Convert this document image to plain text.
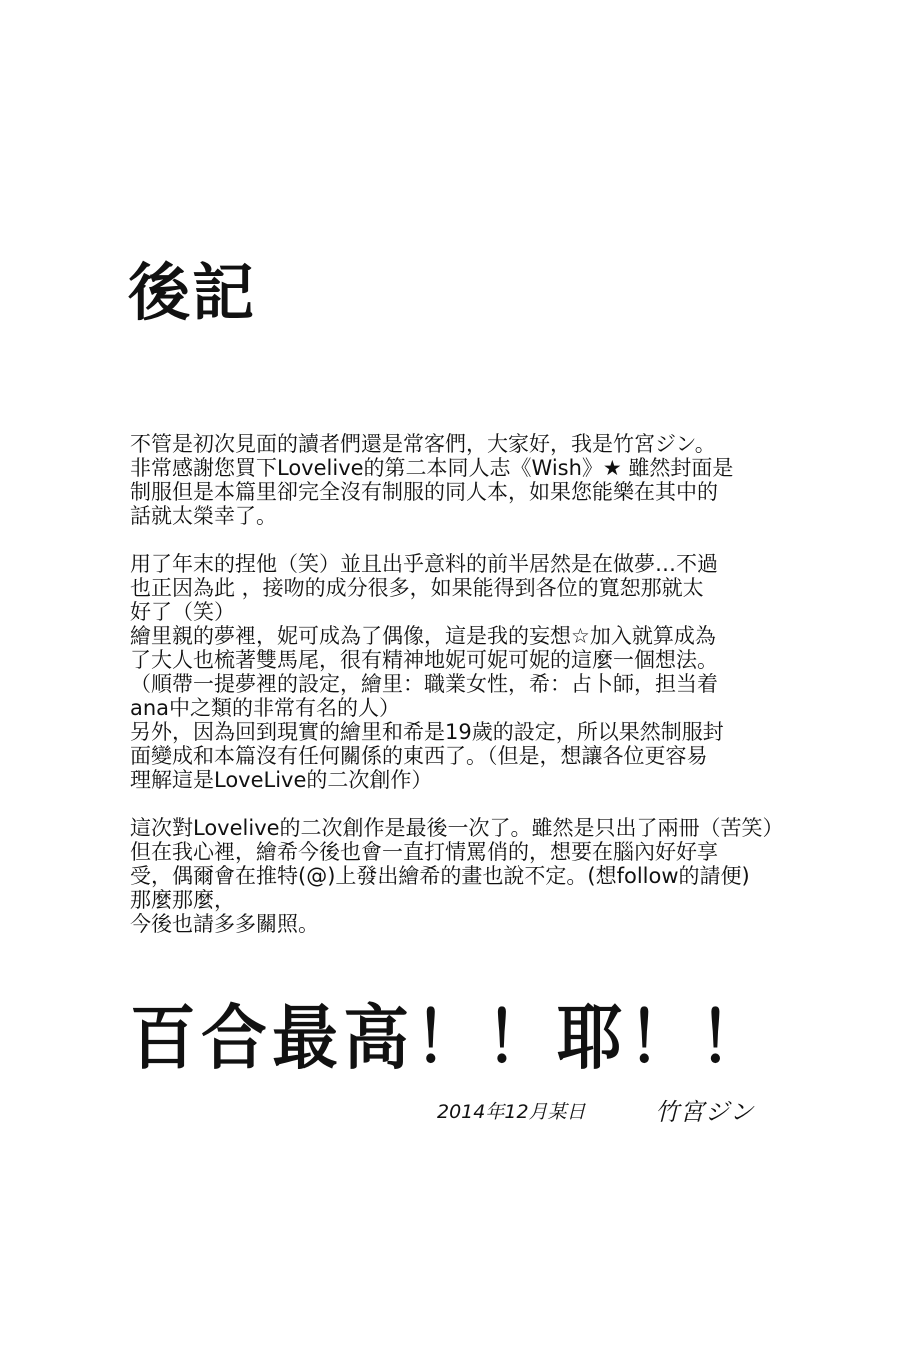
後記
不管是初次見面的讀者們還是常客們，大家好，我是竹宮ジン。
非常感謝您買下Lovelive的第二本同人志《Wish》★ 雖然封面是
制服但是本篇里卻完全沒有制服的同人本，如果您能樂在其中的
話就太榮幸了。
用了年末的捏他（笑）並且出乎意料的前半居然是在做夢…不過
也正因為此 ，接吻的成分很多，如果能得到各位的寬恕那就太
好了（笑）
繪里親的夢裡，妮可成為了偶像，這是我的妄想☆加入就算成為
了大人也梳著雙馬尾，很有精神地妮可妮可妮的這麼一個想法。
（順帶一提夢裡的設定，繪里：職業女性，希：占卜師，担当着
ana中之類的非常有名的人）
另外，因為回到現實的繪里和希是19歲的設定，所以果然制服封
面變成和本篇沒有任何關係的東西了。（但是，想讓各位更容易
理解這是LoveLive的二次創作）
這次對Lovelive的二次創作是最後一次了。雖然是只出了兩冊（苦笑）
但在我心裡，繪希今後也會一直打情罵俏的，想要在腦內好好享
受，偶爾會在推特(@)上發出繪希的畫也說不定。(想follow的請便)
那麼那麼，
今後也請多多關照。
百合最高！！耶！！
2014年12月某日	竹宮ジン
